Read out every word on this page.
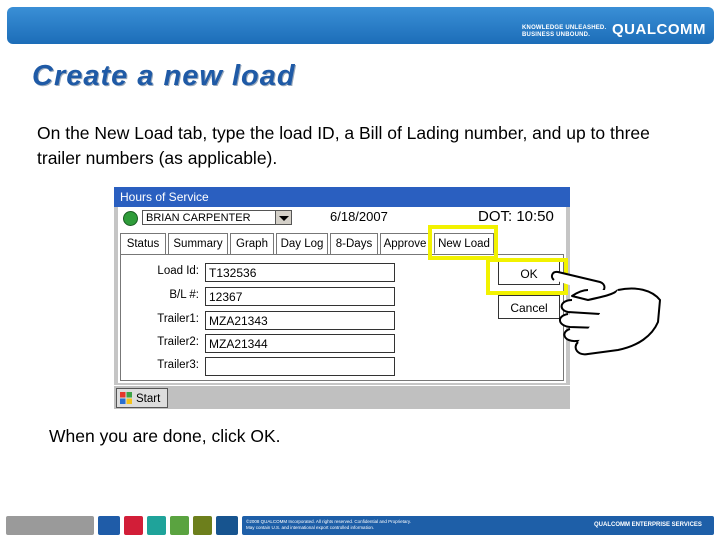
KNOWLEDGE UNLEASHED.
BUSINESS UNBOUND.	QUALCOMM
Create a new load
On the New Load tab, type the load ID, a Bill of Lading number, and up to three trailer numbers (as applicable).
Hours of Service
BRIAN CARPENTER	6/18/2007	DOT: 10:50
Status	Summary	Graph	Day Log	8-Days Approve	New Load
Load Id: T132536
B/L #: 12367
Trailer1: MZA21343
Trailer2: MZA21344
Trailer3:
OK
Cancel
Start
When you are done, click OK.
©2008 QUALCOMM Incorporated. All rights reserved. Confidential and Proprietary.
May contain U.S. and international export controlled information.	QUALCOMM ENTERPRISE SERVICES
